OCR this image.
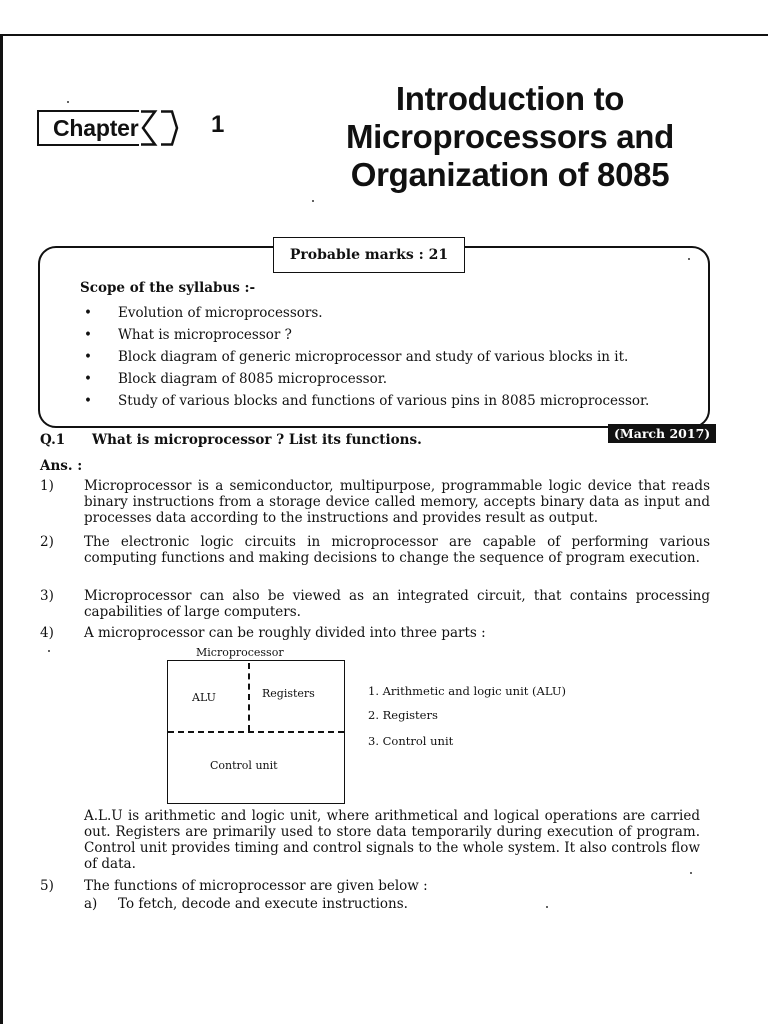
Chapter	1
Introduction to
Microprocessors and
Organization of 8085
Probable marks : 21
Scope of the syllabus :-
•	Evolution of microprocessors.
•	What is microprocessor ?
•	Block diagram of generic microprocessor and study of various blocks in it.
•	Block diagram of 8085 microprocessor.
•	Study of various blocks and functions of various pins in 8085 microprocessor.
(March 2017)
Q.1 What is microprocessor ? List its functions.
Ans. :
1)	Microprocessor is a semiconductor, multipurpose, programmable logic device that reads binary instructions from a storage device called memory, accepts binary data as input and processes data according to the instructions and provides result as output.
2)	The electronic logic circuits in microprocessor are capable of performing various computing functions and making decisions to change the sequence of program execution.
3)	Microprocessor can also be viewed as an integrated circuit, that contains processing capabilities of large computers.
4)	A microprocessor can be roughly divided into three parts :
Microprocessor
ALU	Registers
Control unit
1. Arithmetic and logic unit (ALU)
2. Registers
3. Control unit
A.L.U is arithmetic and logic unit, where arithmetical and logical operations are carried out. Registers are primarily used to store data temporarily during execution of program. Control unit provides timing and control signals to the whole system. It also controls flow of data.
5)	The functions of microprocessor are given below :
a)	To fetch, decode and execute instructions.
